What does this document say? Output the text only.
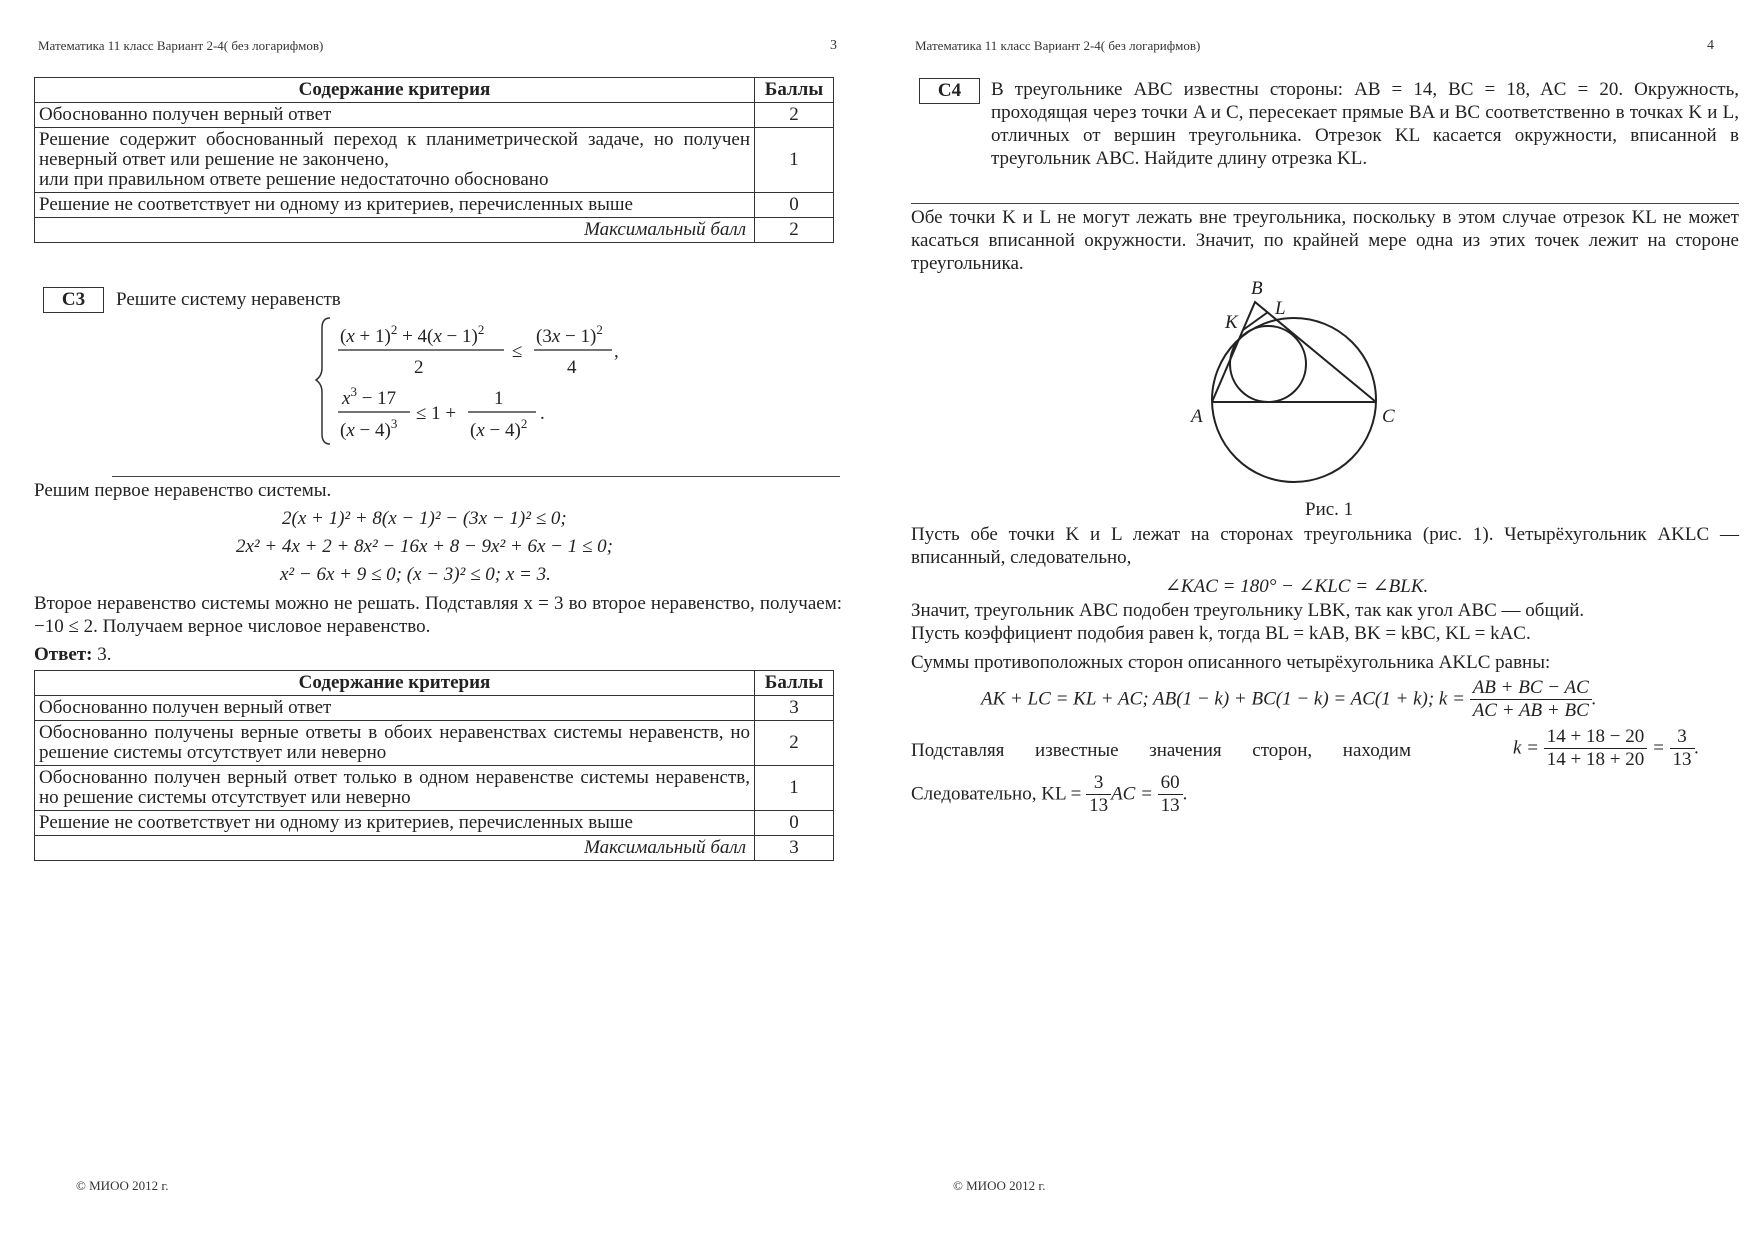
Математика 11 класс Вариант 2-4( без логарифмов)	3
Содержание критерия	Баллы
Обоснованно получен верный ответ	2
Решение содержит обоснованный переход к планиметрической задаче, но получен неверный ответ или решение не закончено,
или при правильном ответе решение недостаточно обосновано	1
Решение не соответствует ни одному из критериев, перечисленных выше	0
Максимальный балл	2
С3	Решите систему неравенств
$(x + 1)^2 + 4(x - 1)^2$
2
≤
$(3x - 1)^2$
4
,
$x^3 - 17$
$(x - 4)^3 \le 1$ +
1
$(x - 4)^2$ .
Решим первое неравенство системы.
2(x + 1)² + 8(x − 1)² − (3x − 1)² ≤ 0;
2x² + 4x + 2 + 8x² − 16x + 8 − 9x² + 6x − 1 ≤ 0;
x² − 6x + 9 ≤ 0; (x − 3)² ≤ 0; x = 3.
Второе неравенство системы можно не решать. Подставляя x = 3 во второе неравенство, получаем: −10 ≤ 2. Получаем верное числовое неравенство.
Ответ: 3.
Содержание критерия	Баллы
Обоснованно получен верный ответ	3
Обоснованно получены верные ответы в обоих неравенствах системы неравенств, но решение системы отсутствует или неверно	2
Обоснованно получен верный ответ только в одном неравенстве системы неравенств, но решение системы отсутствует или неверно	1
Решение не соответствует ни одному из критериев, перечисленных выше	0
Максимальный балл	3
© МИОО 2012 г.
Математика 11 класс Вариант 2-4( без логарифмов)	4
С4	В треугольнике ABC известны стороны: AB = 14, BC = 18, AC = 20. Окружность, проходящая через точки A и C, пересекает прямые BA и BC соответственно в точках K и L, отличных от вершин треугольника. Отрезок KL касается окружности, вписанной в треугольник ABC. Найдите длину отрезка KL.
Обе точки K и L не могут лежать вне треугольника, поскольку в этом случае отрезок KL не может касаться вписанной окружности. Значит, по крайней мере одна из этих точек лежит на стороне треугольника.
B
L
K
A	C
Рис. 1
Пусть обе точки K и L лежат на сторонах треугольника (рис. 1). Четырёхугольник AKLC — вписанный, следовательно,
∠KAC = 180° − ∠KLC = ∠BLK.
Значит, треугольник ABC подобен треугольнику LBK, так как угол ABC — общий.
Пусть коэффициент подобия равен k, тогда BL = kAB, BK = kBC, KL = kAC.
Суммы противоположных сторон описанного четырёхугольника AKLC равны:
AK + LC = KL + AC; AB(1 − k) + BC(1 − k) = AC(1 + k); $k = \frac{AB + BC - AC}{AC + AB + BC}$ .
Подставляя известные значения сторон, находим	$k = \frac{14 + 18 - 20}{14 + 18 + 20} = \frac{3}{13}$ .
Следовательно, KL = $\frac{3}{13}$ AC = $\frac{60}{13}$ .
© МИОО 2012 г.
